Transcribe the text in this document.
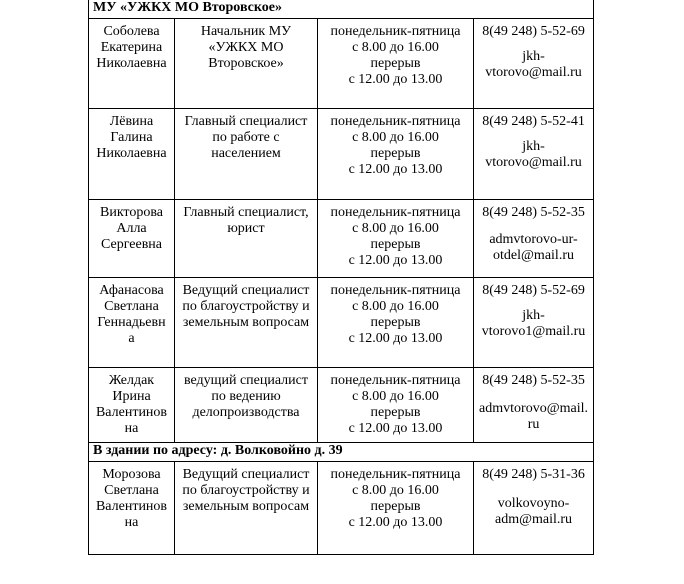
МУ «УЖКХ МО Второвское»			

Соболева
Екатерина
Николаевна	Начальник МУ
«УЖКХ МО
Второвское»	понедельник-пятница
с 8.00 до 16.00
перерыв
с 12.00 до 13.00	8(49 248) 5-52-69
jkh-
vtorovo@mail.ru

Лёвина
Галина
Николаевна	Главный специалист
по работе с
населением	понедельник-пятница
с 8.00 до 16.00
перерыв
с 12.00 до 13.00	8(49 248) 5-52-41
jkh-
vtorovo@mail.ru

Викторова
Алла
Сергеевна	Главный специалист,
юрист	понедельник-пятница
с 8.00 до 16.00
перерыв
с 12.00 до 13.00	8(49 248) 5-52-35
admvtorovo-ur-
otdel@mail.ru

Афанасова
Светлана
Геннадьевн
а	Ведущий специалист
по благоустройству и
земельным вопросам	понедельник-пятница
с 8.00 до 16.00
перерыв
с 12.00 до 13.00	8(49 248) 5-52-69
jkh-
vtorovo1@mail.ru

Желдак
Ирина
Валентинов
на	ведущий специалист
по ведению
делопроизводства	понедельник-пятница
с 8.00 до 16.00
перерыв
с 12.00 до 13.00	8(49 248) 5-52-35
admvtorovo@mail.
ru

В здании по адресу: д. Волковойно д. 39			

Морозова
Светлана
Валентинов
на	Ведущий специалист
по благоустройству и
земельным вопросам	понедельник-пятница
с 8.00 до 16.00
перерыв
с 12.00 до 13.00	8(49 248) 5-31-36
volkovoyno-
adm@mail.ru
